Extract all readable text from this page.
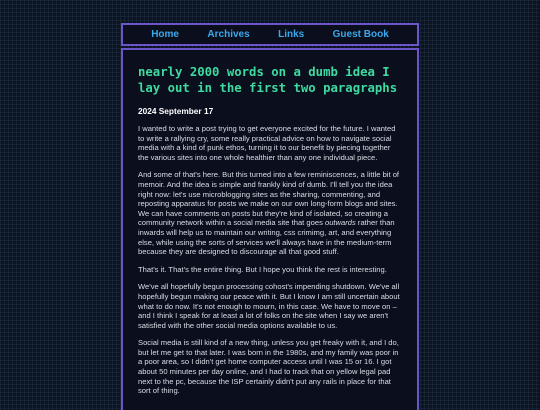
Home	Archives	Links	Guest Book
nearly 2000 words on a dumb idea I lay out in the first two paragraphs
2024 September 17

I wanted to write a post trying to get everyone excited for the future. I wanted to write a rallying cry, some really practical advice on how to navigate social media with a kind of punk ethos, turning it to our benefit by piecing together the various sites into one whole healthier than any one individual piece.

And some of that's here. But this turned into a few reminiscences, a little bit of memoir. And the idea is simple and frankly kind of dumb. I'll tell you the idea right now: let's use microblogging sites as the sharing, commenting, and reposting apparatus for posts we make on our own long-form blogs and sites. We can have comments on posts but they're kind of isolated, so creating a community network within a social media site that goes outwards rather than inwards will help us to maintain our writing, css crimimg, art, and everything else, while using the sorts of services we'll always have in the medium-term because they are designed to discourage all that good stuff.

That's it. That's the entire thing. But I hope you think the rest is interesting.

We've all hopefully begun processing cohost's impending shutdown. We've all hopefully begun making our peace with it. But I know I am still uncertain about what to do now. It's not enough to mourn, in this case. We have to move on – and I think I speak for at least a lot of folks on the site when I say we aren't satisfied with the other social media options available to us.

Social media is still kind of a new thing, unless you get freaky with it, and I do, but let me get to that later. I was born in the 1980s, and my family was poor in a poor area, so I didn't get home computer access until I was 15 or 16. I got about 50 minutes per day online, and I had to track that on yellow legal pad next to the pc, because the ISP certainly didn't put any rails in place for that sort of thing.
